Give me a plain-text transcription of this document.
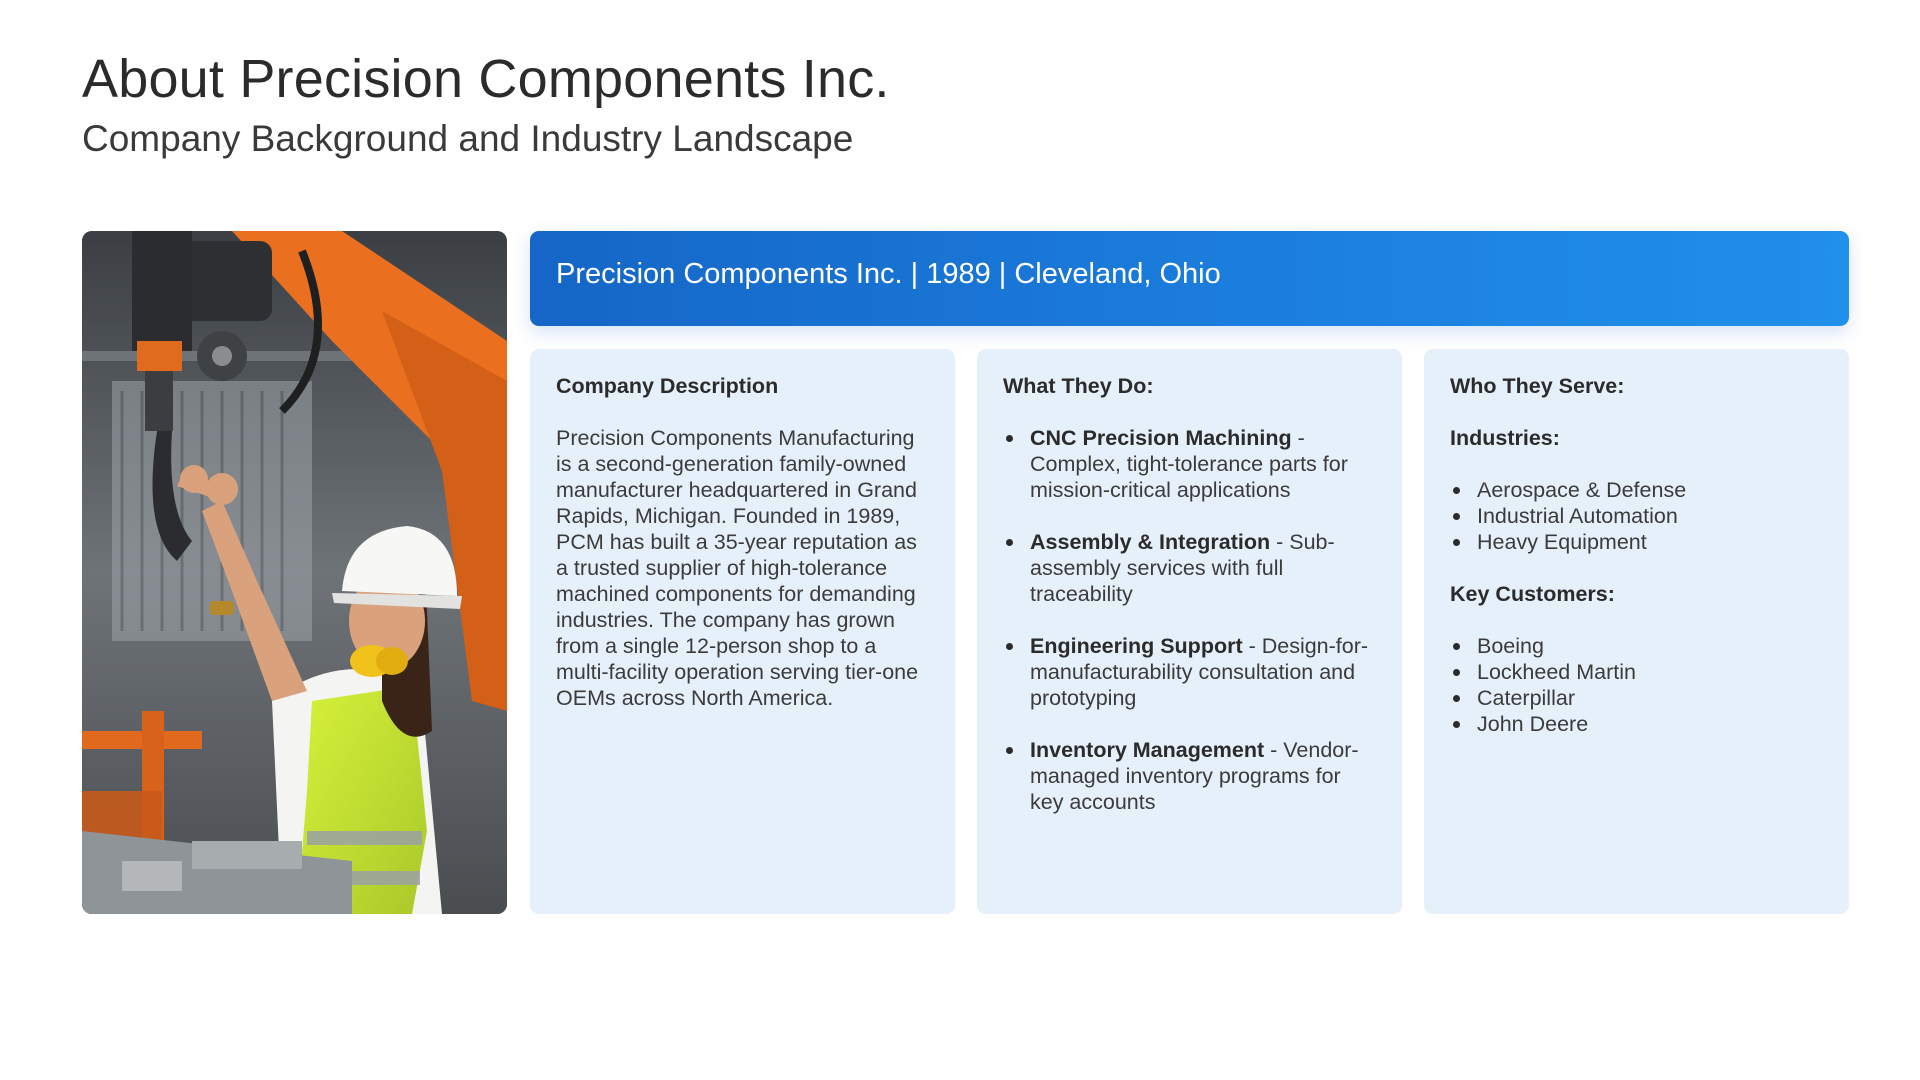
About Precision Components Inc.
Company Background and Industry Landscape
Precision Components Inc. | 1989 | Cleveland, Ohio
Company Description

Precision Components Manufacturing is a second-generation family-owned manufacturer headquartered in Grand Rapids, Michigan. Founded in 1989, PCM has built a 35-year reputation as a trusted supplier of high-tolerance machined components for demanding industries. The company has grown from a single 12-person shop to a multi-facility operation serving tier-one OEMs across North America.

What They Do:
CNC Precision Machining - Complex, tight-tolerance parts for mission-critical applications
Assembly & Integration - Sub-assembly services with full traceability
Engineering Support - Design-for-manufacturability consultation and prototyping
Inventory Management - Vendor-managed inventory programs for key accounts
Who They Serve:
Industries:
Aerospace & Defense
Industrial Automation
Heavy Equipment
Key Customers:
Boeing
Lockheed Martin
Caterpillar
John Deere
